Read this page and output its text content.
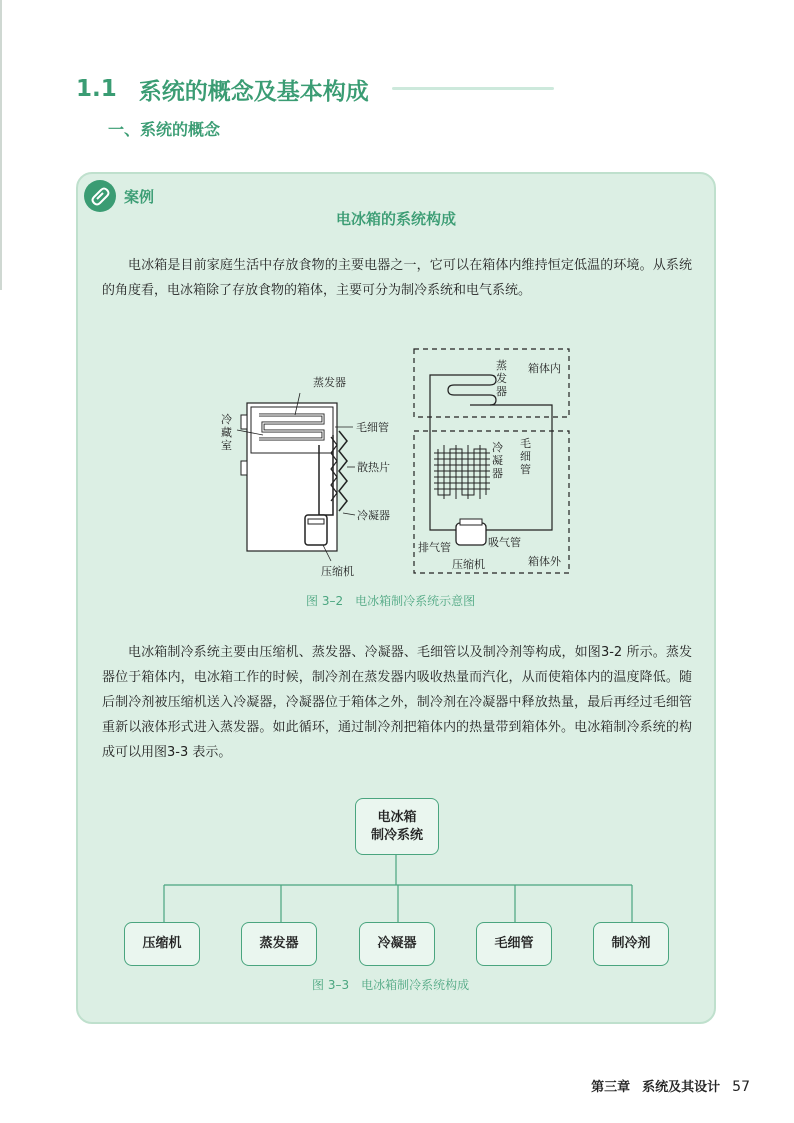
1.1 系统的概念及基本构成
一、系统的概念
案例
电冰箱的系统构成
电冰箱是目前家庭生活中存放食物的主要电器之一，它可以在箱体内维持恒定低温的环境。从系统的角度看，电冰箱除了存放食物的箱体，主要可分为制冷系统和电气系统。
蒸发器
冷
藏
室
毛细管
散热片
冷凝器
压缩机
蒸
发
器
箱体内
毛
细
管
冷
凝
器
排气管	吸气管
压缩机	箱体外
图 3–2　电冰箱制冷系统示意图
电冰箱制冷系统主要由压缩机、蒸发器、冷凝器、毛细管以及制冷剂等构成，如图3-2 所示。蒸发器位于箱体内，电冰箱工作的时候，制冷剂在蒸发器内吸收热量而汽化，从而使箱体内的温度降低。随后制冷剂被压缩机送入冷凝器，冷凝器位于箱体之外，制冷剂在冷凝器中释放热量，最后再经过毛细管重新以液体形式进入蒸发器。如此循环，通过制冷剂把箱体内的热量带到箱体外。电冰箱制冷系统的构成可以用图3-3 表示。
电冰箱
制冷系统
压缩机	蒸发器	冷凝器	毛细管	制冷剂
图 3–3　电冰箱制冷系统构成
第三章 系统及其设计 57
